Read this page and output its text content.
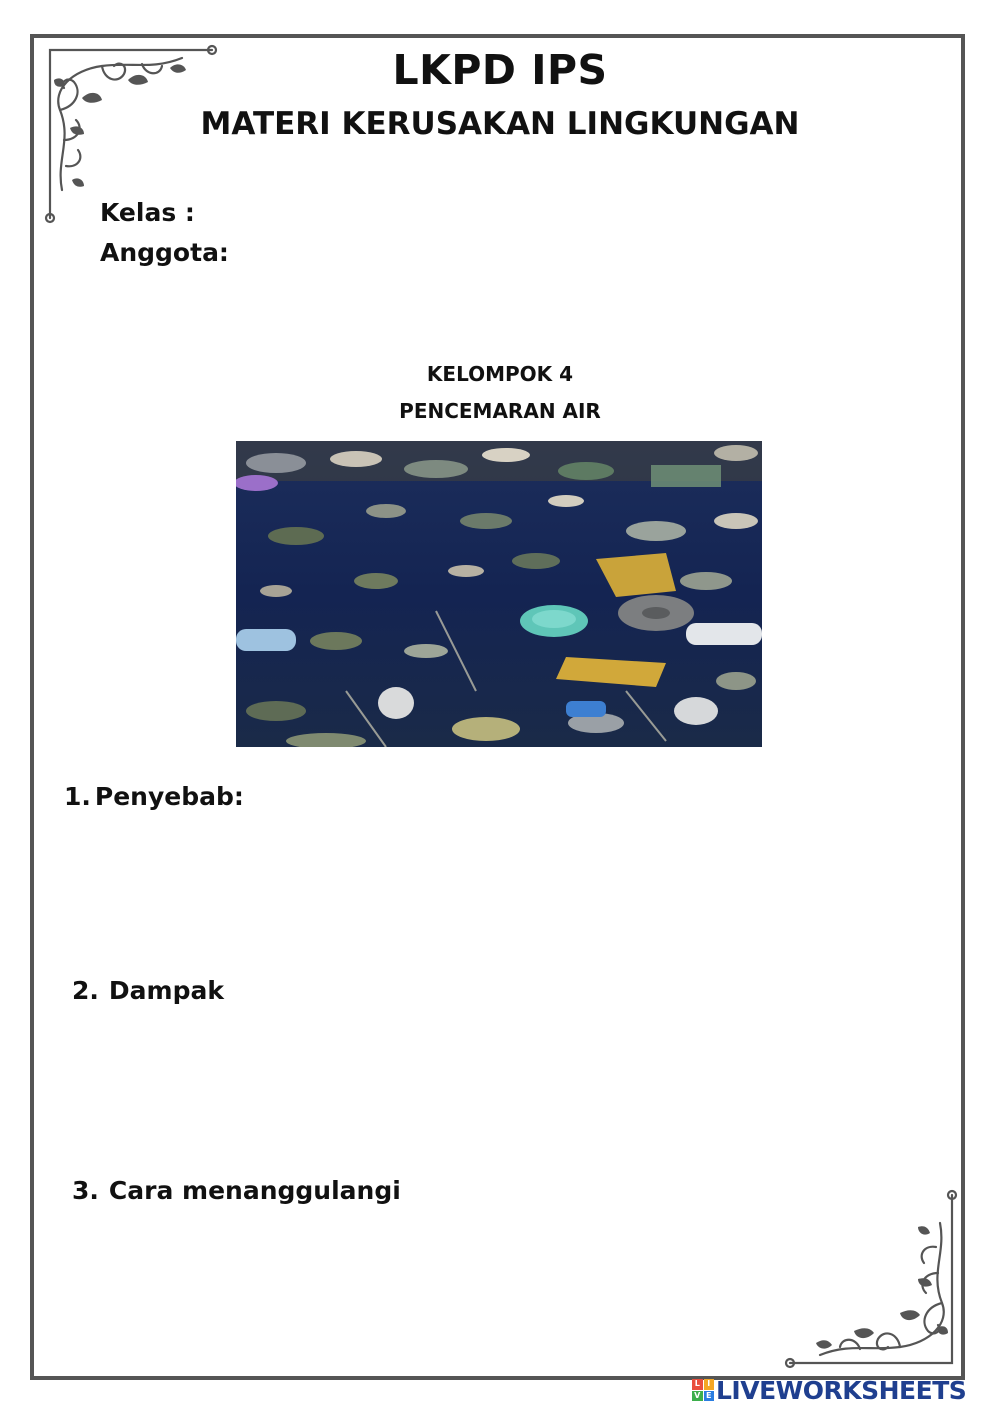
LKPD IPS
MATERI KERUSAKAN LINGKUNGAN
Kelas :
Anggota:
KELOMPOK 4
PENCEMARAN AIR
1. Penyebab:
2. Dampak
3. Cara menanggulangi
L I
V E LIVEWORKSHEETS
